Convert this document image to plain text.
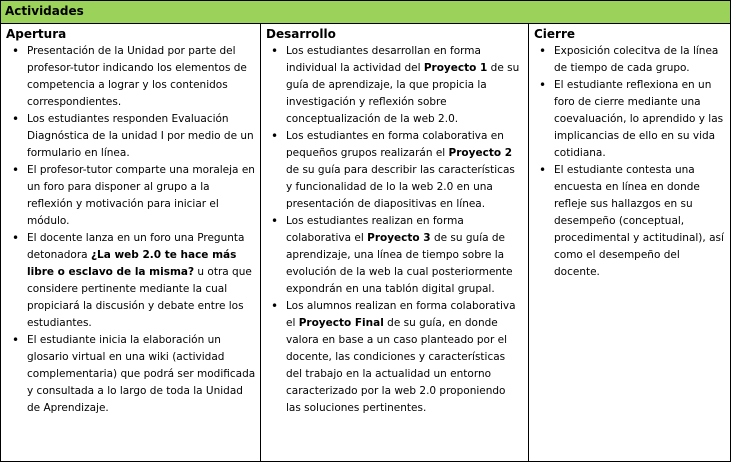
Actividades
Apertura
• Presentación de la Unidad por parte del profesor-tutor indicando los elementos de competencia a lograr y los contenidos correspondientes.
• Los estudiantes responden Evaluación Diagnóstica de la unidad I por medio de un formulario en línea.
• El profesor-tutor comparte una moraleja en un foro para disponer al grupo a la reflexión y motivación para iniciar el módulo.
• El docente lanza en un foro una Pregunta detonadora ¿La web 2.0 te hace más libre o esclavo de la misma? u otra que considere pertinente mediante la cual propiciará la discusión y debate entre los estudiantes.
• El estudiante inicia la elaboración un glosario virtual en una wiki (actividad complementaria) que podrá ser modificada y consultada a lo largo de toda la Unidad de Aprendizaje.
Desarrollo
• Los estudiantes desarrollan en forma individual la actividad del Proyecto 1 de su guía de aprendizaje, la que propicia la investigación y reflexión sobre conceptualización de la web 2.0.
• Los estudiantes en forma colaborativa en pequeños grupos realizarán el Proyecto 2 de su guía para describir las características y funcionalidad de lo la web 2.0 en una presentación de diapositivas en línea.
• Los estudiantes realizan en forma colaborativa el Proyecto 3 de su guía de aprendizaje, una línea de tiempo sobre la evolución de la web la cual posteriormente expondrán en una tablón digital grupal.
• Los alumnos realizan en forma colaborativa el Proyecto Final de su guía, en donde valora en base a un caso planteado por el docente, las condiciones y características del trabajo en la actualidad un entorno caracterizado por la web 2.0 proponiendo las soluciones pertinentes.
Cierre
• Exposición colecitva de la línea de tiempo de cada grupo.
• El estudiante reflexiona en un foro de cierre mediante una coevaluación, lo aprendido y las implicancias de ello en su vida cotidiana.
• El estudiante contesta una encuesta en línea en donde refleje sus hallazgos en su desempeño (conceptual, procedimental y actitudinal), así como el desempeño del docente.
